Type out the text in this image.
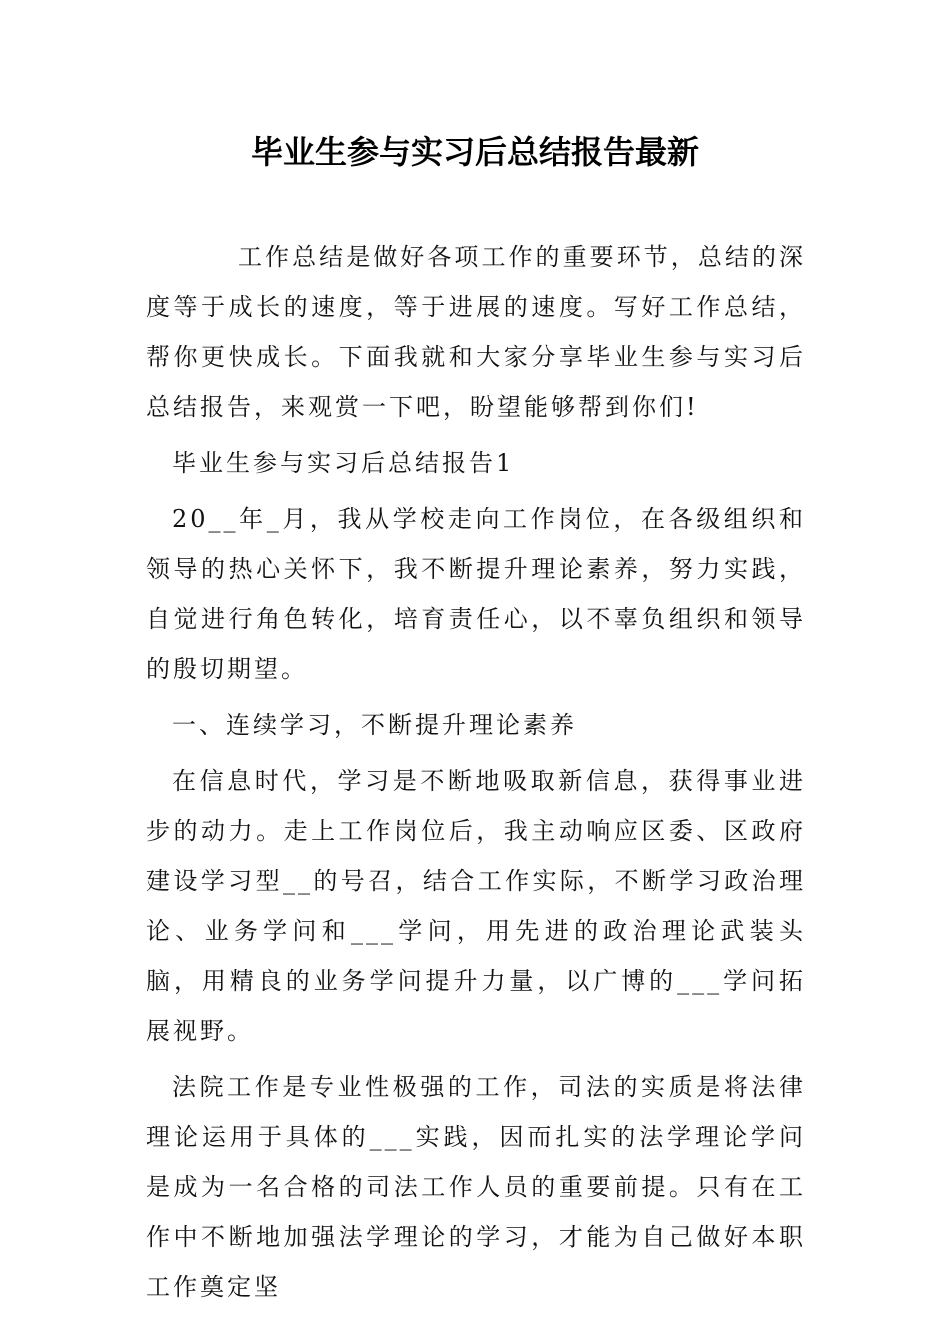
毕业生参与实习后总结报告最新

工作总结是做好各项工作的重要环节，总结的深度等于成长的速度，等于进展的速度。写好工作总结，帮你更快成长。下面我就和大家分享毕业生参与实习后总结报告，来观赏一下吧，盼望能够帮到你们!

毕业生参与实习后总结报告1

20__年_月，我从学校走向工作岗位，在各级组织和领导的热心关怀下，我不断提升理论素养，努力实践，自觉进行角色转化，培育责任心，以不辜负组织和领导的殷切期望。

一、连续学习，不断提升理论素养

在信息时代，学习是不断地吸取新信息，获得事业进步的动力。走上工作岗位后，我主动响应区委、区政府建设学习型__的号召，结合工作实际，不断学习政治理论、业务学问和___学问，用先进的政治理论武装头脑，用精良的业务学问提升力量，以广博的___学问拓展视野。

法院工作是专业性极强的工作，司法的实质是将法律理论运用于具体的___实践，因而扎实的法学理论学问是成为一名合格的司法工作人员的重要前提。只有在工作中不断地加强法学理论的学习，才能为自己做好本职工作奠定坚
